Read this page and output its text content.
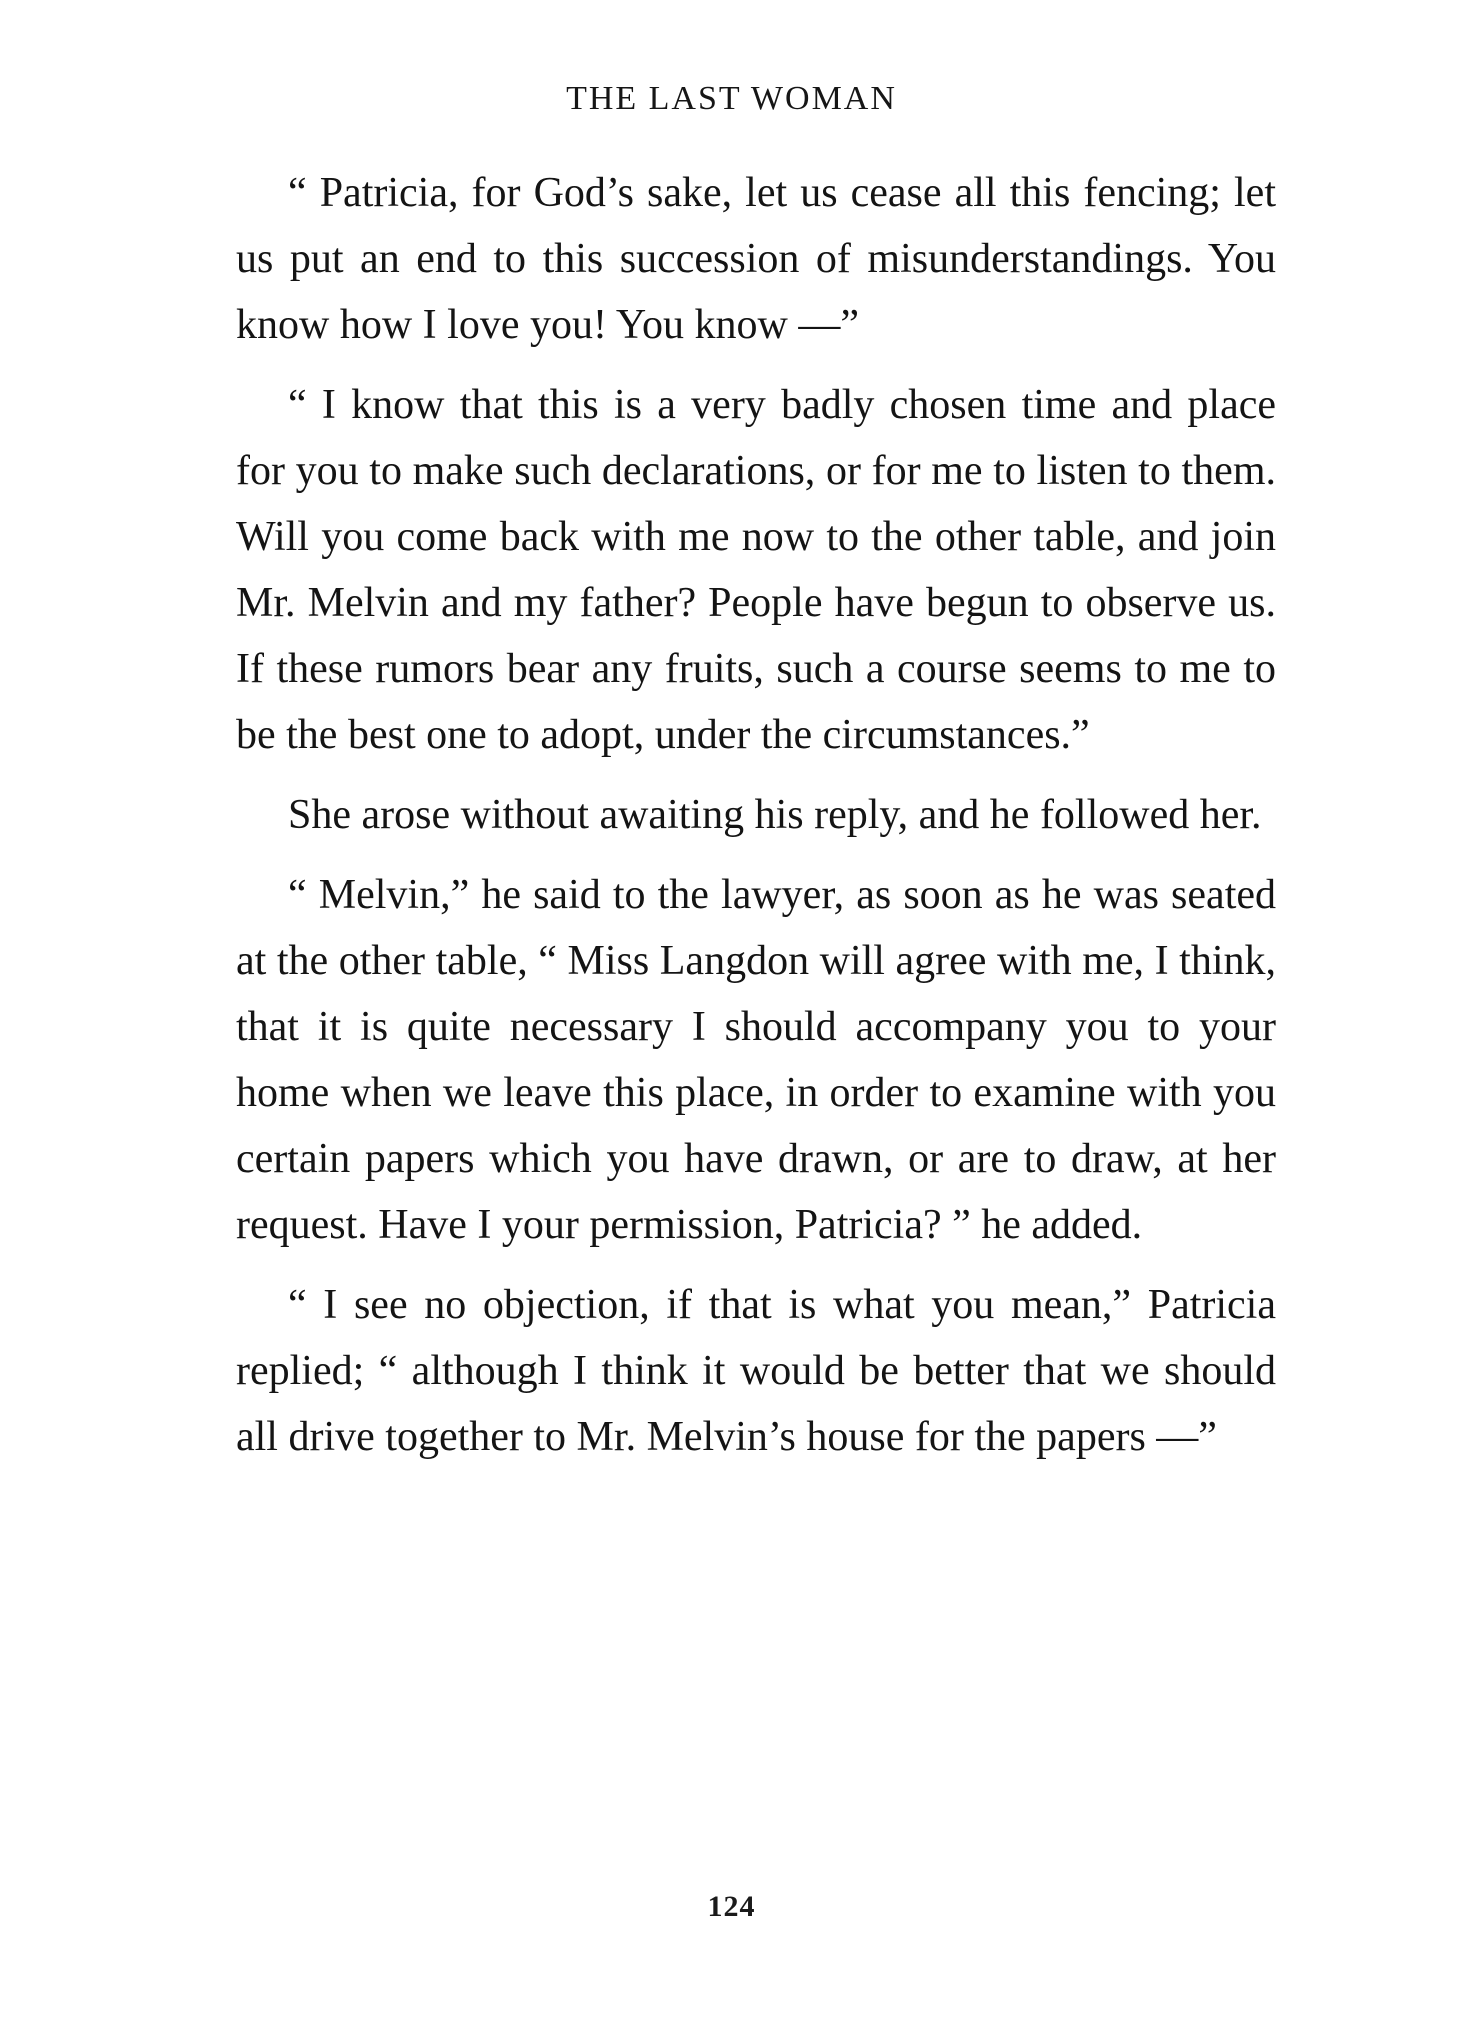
THE LAST WOMAN

“ Patricia, for God’s sake, let us cease all this fencing; let us put an end to this succession of misunderstandings. You know how I love you! You know —”

“ I know that this is a very badly chosen time and place for you to make such declarations, or for me to listen to them. Will you come back with me now to the other table, and join Mr. Melvin and my father? People have begun to observe us. If these rumors bear any fruits, such a course seems to me to be the best one to adopt, under the circumstances.”

She arose without awaiting his reply, and he followed her.

“ Melvin,” he said to the lawyer, as soon as he was seated at the other table, “ Miss Langdon will agree with me, I think, that it is quite necessary I should accompany you to your home when we leave this place, in order to examine with you certain papers which you have drawn, or are to draw, at her request. Have I your permission, Patricia? ” he added.

“ I see no objection, if that is what you mean,” Patricia replied; “ although I think it would be better that we should all drive together to Mr. Melvin’s house for the papers —”

124
